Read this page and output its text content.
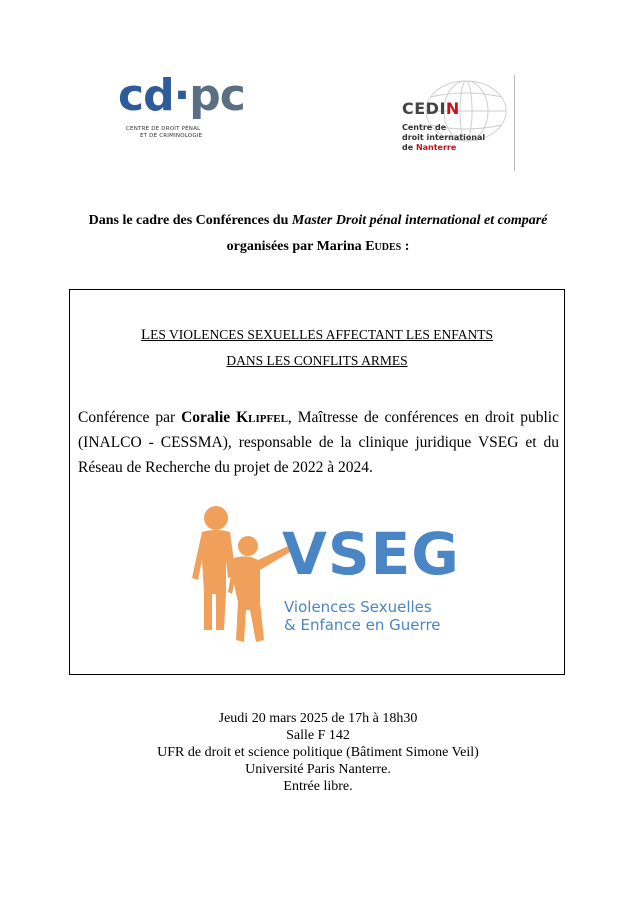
cd·pc
CENTRE DE DROIT PÉNAL
ET DE CRIMINOLOGIE
CEDIN
Centre de
droit international
de Nanterre
Dans le cadre des Conférences du Master Droit pénal international et comparé organisées par Marina Eudes :
LES VIOLENCES SEXUELLES AFFECTANT LES ENFANTS
DANS LES CONFLITS ARMES
Conférence par Coralie Klipfel, Maîtresse de conférences en droit public (INALCO - CESSMA), responsable de la clinique juridique VSEG et du Réseau de Recherche du projet de 2022 à 2024.
VSEG
Violences Sexuelles
& Enfance en Guerre
Jeudi 20 mars 2025 de 17h à 18h30
Salle F 142
UFR de droit et science politique (Bâtiment Simone Veil)
Université Paris Nanterre.
Entrée libre.
